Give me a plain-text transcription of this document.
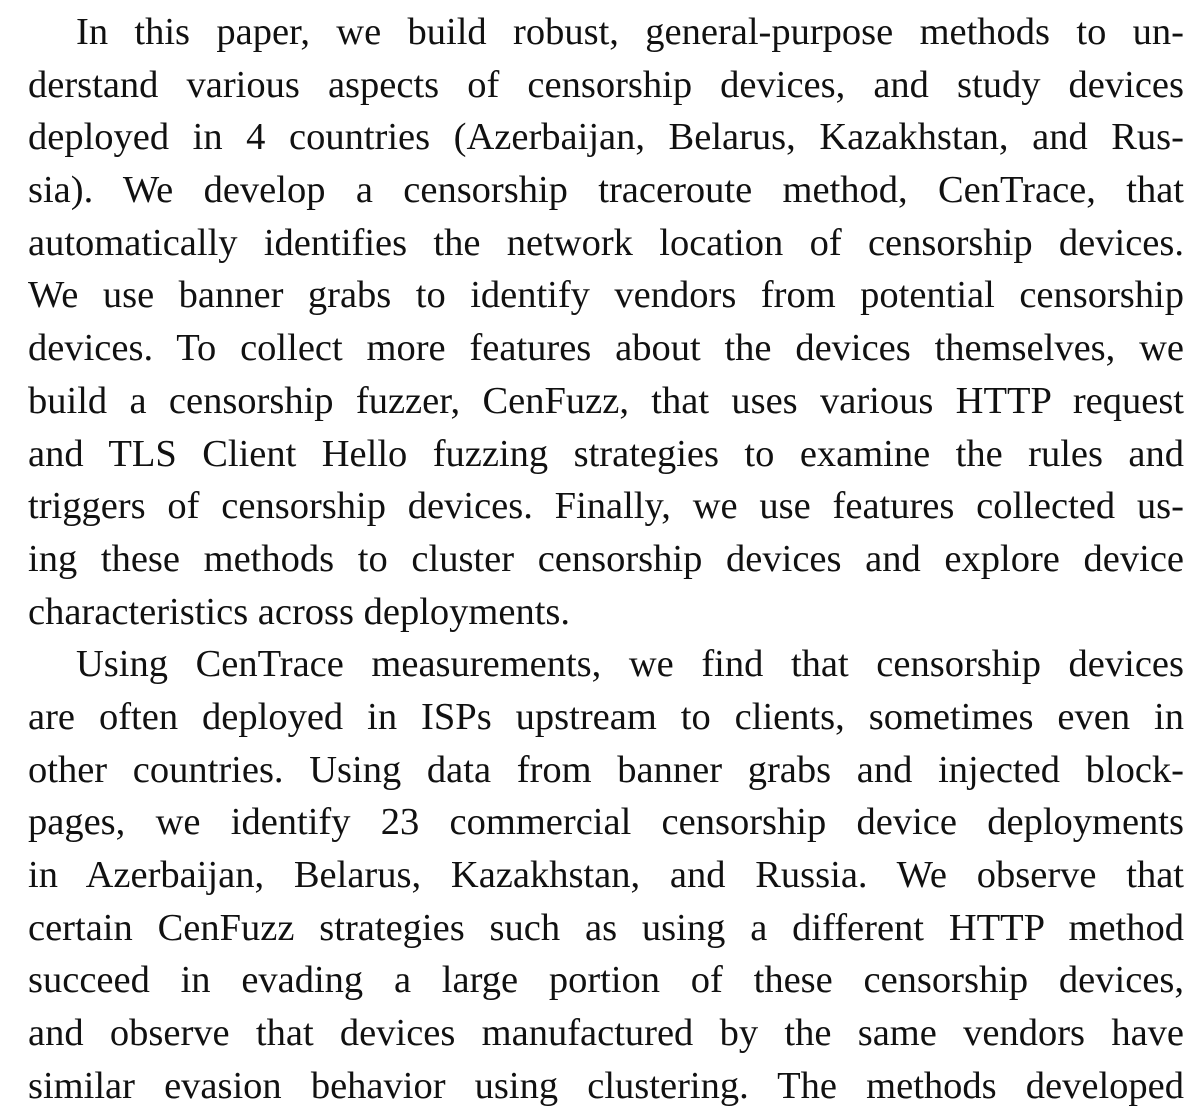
In this paper, we build robust, general-purpose methods to un-
derstand various aspects of censorship devices, and study devices
deployed in 4 countries (Azerbaijan, Belarus, Kazakhstan, and Rus-
sia). We develop a censorship traceroute method, CenTrace, that
automatically identifies the network location of censorship devices.
We use banner grabs to identify vendors from potential censorship
devices. To collect more features about the devices themselves, we
build a censorship fuzzer, CenFuzz, that uses various HTTP request
and TLS Client Hello fuzzing strategies to examine the rules and
triggers of censorship devices. Finally, we use features collected us-
ing these methods to cluster censorship devices and explore device
characteristics across deployments.
Using CenTrace measurements, we find that censorship devices
are often deployed in ISPs upstream to clients, sometimes even in
other countries. Using data from banner grabs and injected block-
pages, we identify 23 commercial censorship device deployments
in Azerbaijan, Belarus, Kazakhstan, and Russia. We observe that
certain CenFuzz strategies such as using a different HTTP method
succeed in evading a large portion of these censorship devices,
and observe that devices manufactured by the same vendors have
similar evasion behavior using clustering. The methods developed
